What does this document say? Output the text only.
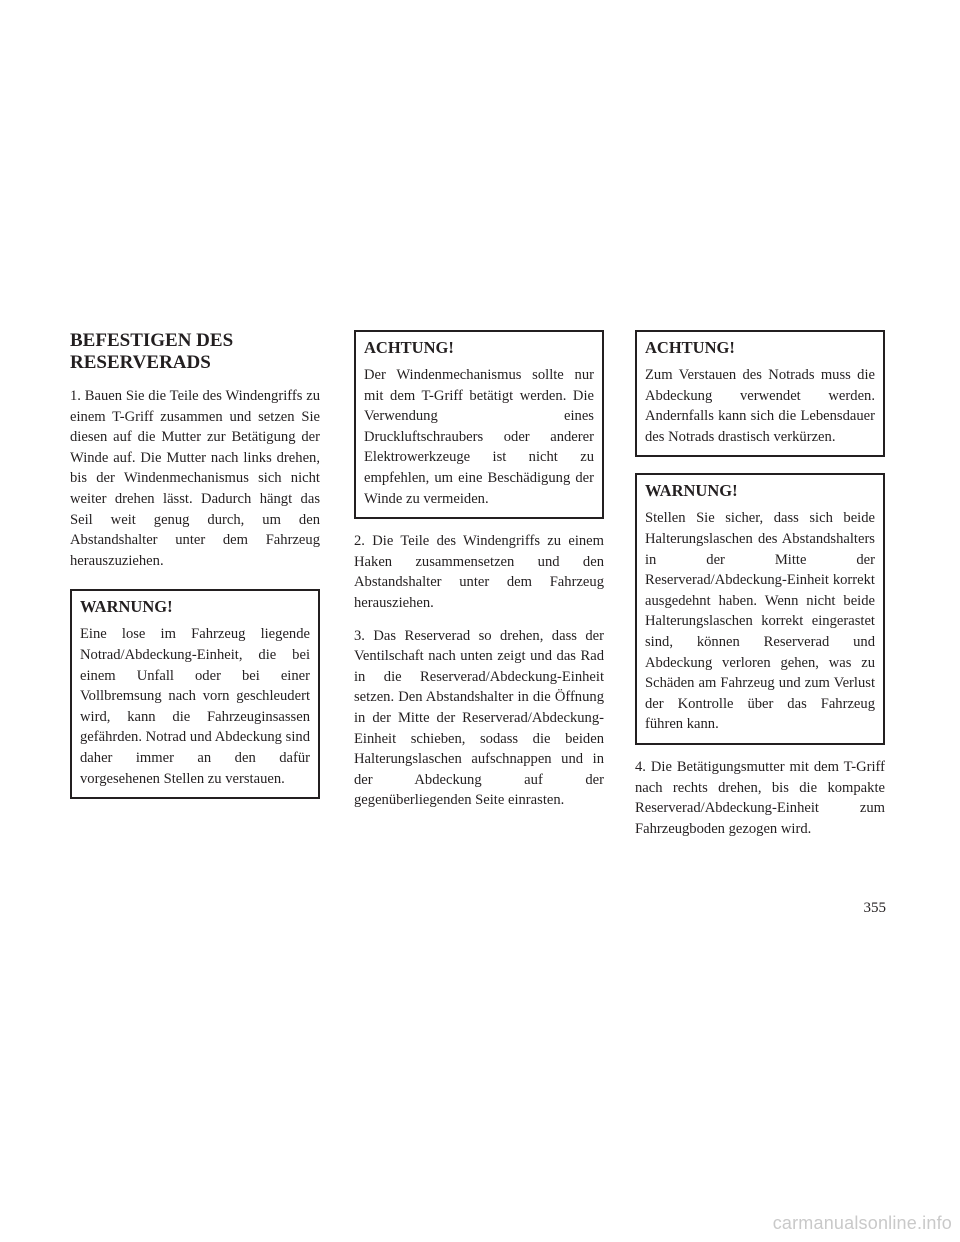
BEFESTIGEN DES
RESERVERADS
1. Bauen Sie die Teile des Windengriffs zu einem T-Griff zusammen und setzen Sie diesen auf die Mutter zur Betätigung der Winde auf. Die Mutter nach links drehen, bis der Windenmechanismus sich nicht weiter drehen lässt. Dadurch hängt das Seil weit genug durch, um den Abstandshalter unter dem Fahrzeug herauszuziehen.
WARNUNG!
Eine lose im Fahrzeug liegende Notrad/Abdeckung-Einheit, die bei einem Unfall oder bei einer Vollbremsung nach vorn geschleudert wird, kann die Fahrzeuginsassen gefährden. Notrad und Abdeckung sind daher immer an den dafür vorgesehenen Stellen zu verstauen.
ACHTUNG!
Der Windenmechanismus sollte nur mit dem T-Griff betätigt werden. Die Verwendung eines Druckluftschraubers oder anderer Elektrowerkzeuge ist nicht zu empfehlen, um eine Beschädigung der Winde zu vermeiden.
2. Die Teile des Windengriffs zu einem Haken zusammensetzen und den Abstandshalter unter dem Fahrzeug herausziehen.
3. Das Reserverad so drehen, dass der Ventilschaft nach unten zeigt und das Rad in die Reserverad/Abdeckung-Einheit setzen. Den Abstandshalter in die Öffnung in der Mitte der Reserverad/Abdeckung-Einheit schieben, sodass die beiden Halterungslaschen aufschnappen und in der Abdeckung auf der gegenüberliegenden Seite einrasten.
ACHTUNG!
Zum Verstauen des Notrads muss die Abdeckung verwendet werden. Andernfalls kann sich die Lebensdauer des Notrads drastisch verkürzen.
WARNUNG!
Stellen Sie sicher, dass sich beide Halterungslaschen des Abstandshalters in der Mitte der Reserverad/Abdeckung-Einheit korrekt ausgedehnt haben. Wenn nicht beide Halterungslaschen korrekt eingerastet sind, können Reserverad und Abdeckung verloren gehen, was zu Schäden am Fahrzeug und zum Verlust der Kontrolle über das Fahrzeug führen kann.
4. Die Betätigungsmutter mit dem T-Griff nach rechts drehen, bis die kompakte Reserverad/Abdeckung-Einheit zum Fahrzeugboden gezogen wird.
355
carmanualsonline.info
